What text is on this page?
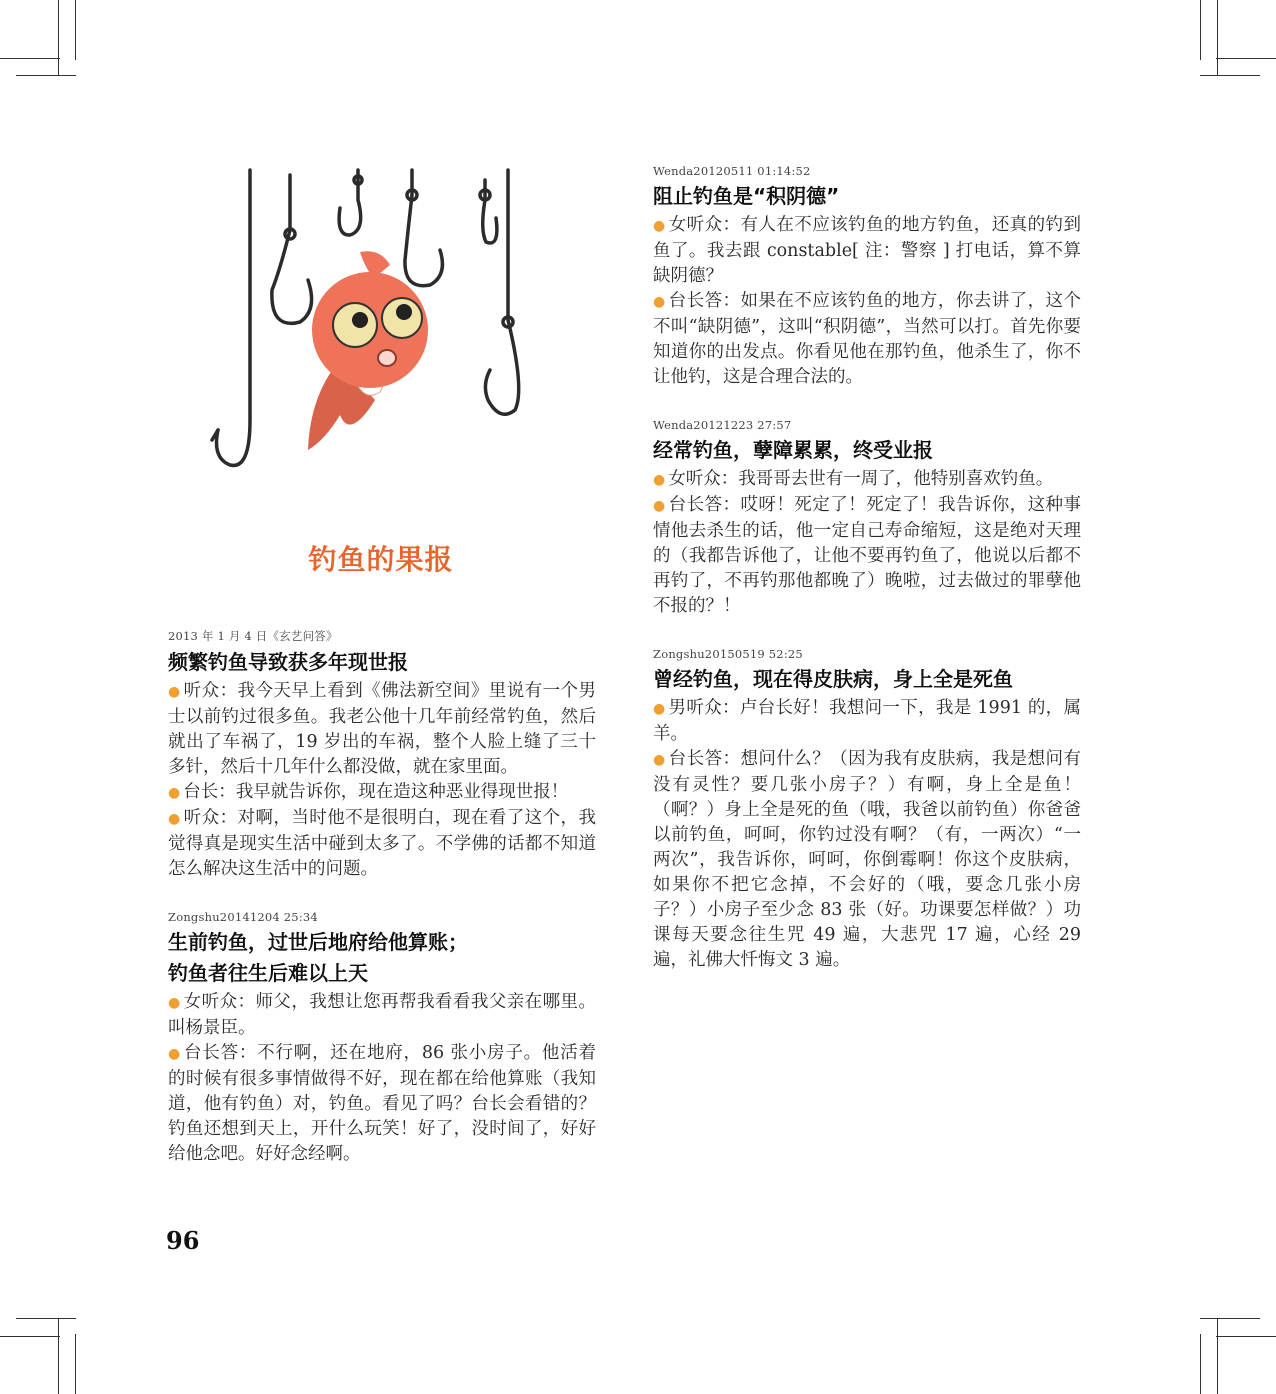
钓鱼的果报
2013 年 1 月 4 日《玄艺问答》
频繁钓鱼导致获多年现世报
● 听众：我今天早上看到《佛法新空间》里说有一个男士以前钓过很多鱼。我老公他十几年前经常钓鱼，然后就出了车祸了，19 岁出的车祸，整个人脸上缝了三十多针，然后十几年什么都没做，就在家里面。
● 台长：我早就告诉你，现在造这种恶业得现世报！
● 听众：对啊，当时他不是很明白，现在看了这个，我觉得真是现实生活中碰到太多了。不学佛的话都不知道怎么解决这生活中的问题。
Zongshu20141204 25:34
生前钓鱼，过世后地府给他算账；
钓鱼者往生后难以上天
● 女听众：师父，我想让您再帮我看看我父亲在哪里。叫杨景臣。
● 台长答：不行啊，还在地府，86 张小房子。他活着的时候有很多事情做得不好，现在都在给他算账（我知道，他有钓鱼）对，钓鱼。看见了吗？台长会看错的？钓鱼还想到天上，开什么玩笑！好了，没时间了，好好给他念吧。好好念经啊。
Wenda20120511 01:14:52
阻止钓鱼是“积阴德”
● 女听众：有人在不应该钓鱼的地方钓鱼，还真的钓到鱼了。我去跟 constable[ 注：警察 ] 打电话，算不算缺阴德？
● 台长答：如果在不应该钓鱼的地方，你去讲了，这个不叫“缺阴德”，这叫“积阴德”，当然可以打。首先你要知道你的出发点。你看见他在那钓鱼，他杀生了，你不让他钓，这是合理合法的。
Wenda20121223 27:57
经常钓鱼，孽障累累，终受业报
● 女听众：我哥哥去世有一周了，他特别喜欢钓鱼。
● 台长答：哎呀！死定了！死定了！我告诉你，这种事情他去杀生的话，他一定自己寿命缩短，这是绝对天理的（我都告诉他了，让他不要再钓鱼了，他说以后都不再钓了，不再钓那他都晚了）晚啦，过去做过的罪孽他不报的？！
Zongshu20150519 52:25
曾经钓鱼，现在得皮肤病，身上全是死鱼
● 男听众：卢台长好！我想问一下，我是 1991 的，属羊。
● 台长答：想问什么？（因为我有皮肤病，我是想问有没有灵性？要几张小房子？）有啊，身上全是鱼！（啊？）身上全是死的鱼（哦，我爸以前钓鱼）你爸爸以前钓鱼，呵呵，你钓过没有啊？（有，一两次）“一两次”，我告诉你，呵呵，你倒霉啊！你这个皮肤病，如果你不把它念掉，不会好的（哦，要念几张小房子？）小房子至少念 83 张（好。功课要怎样做？）功课每天要念往生咒 49 遍，大悲咒 17 遍，心经 29 遍，礼佛大忏悔文 3 遍。
96
